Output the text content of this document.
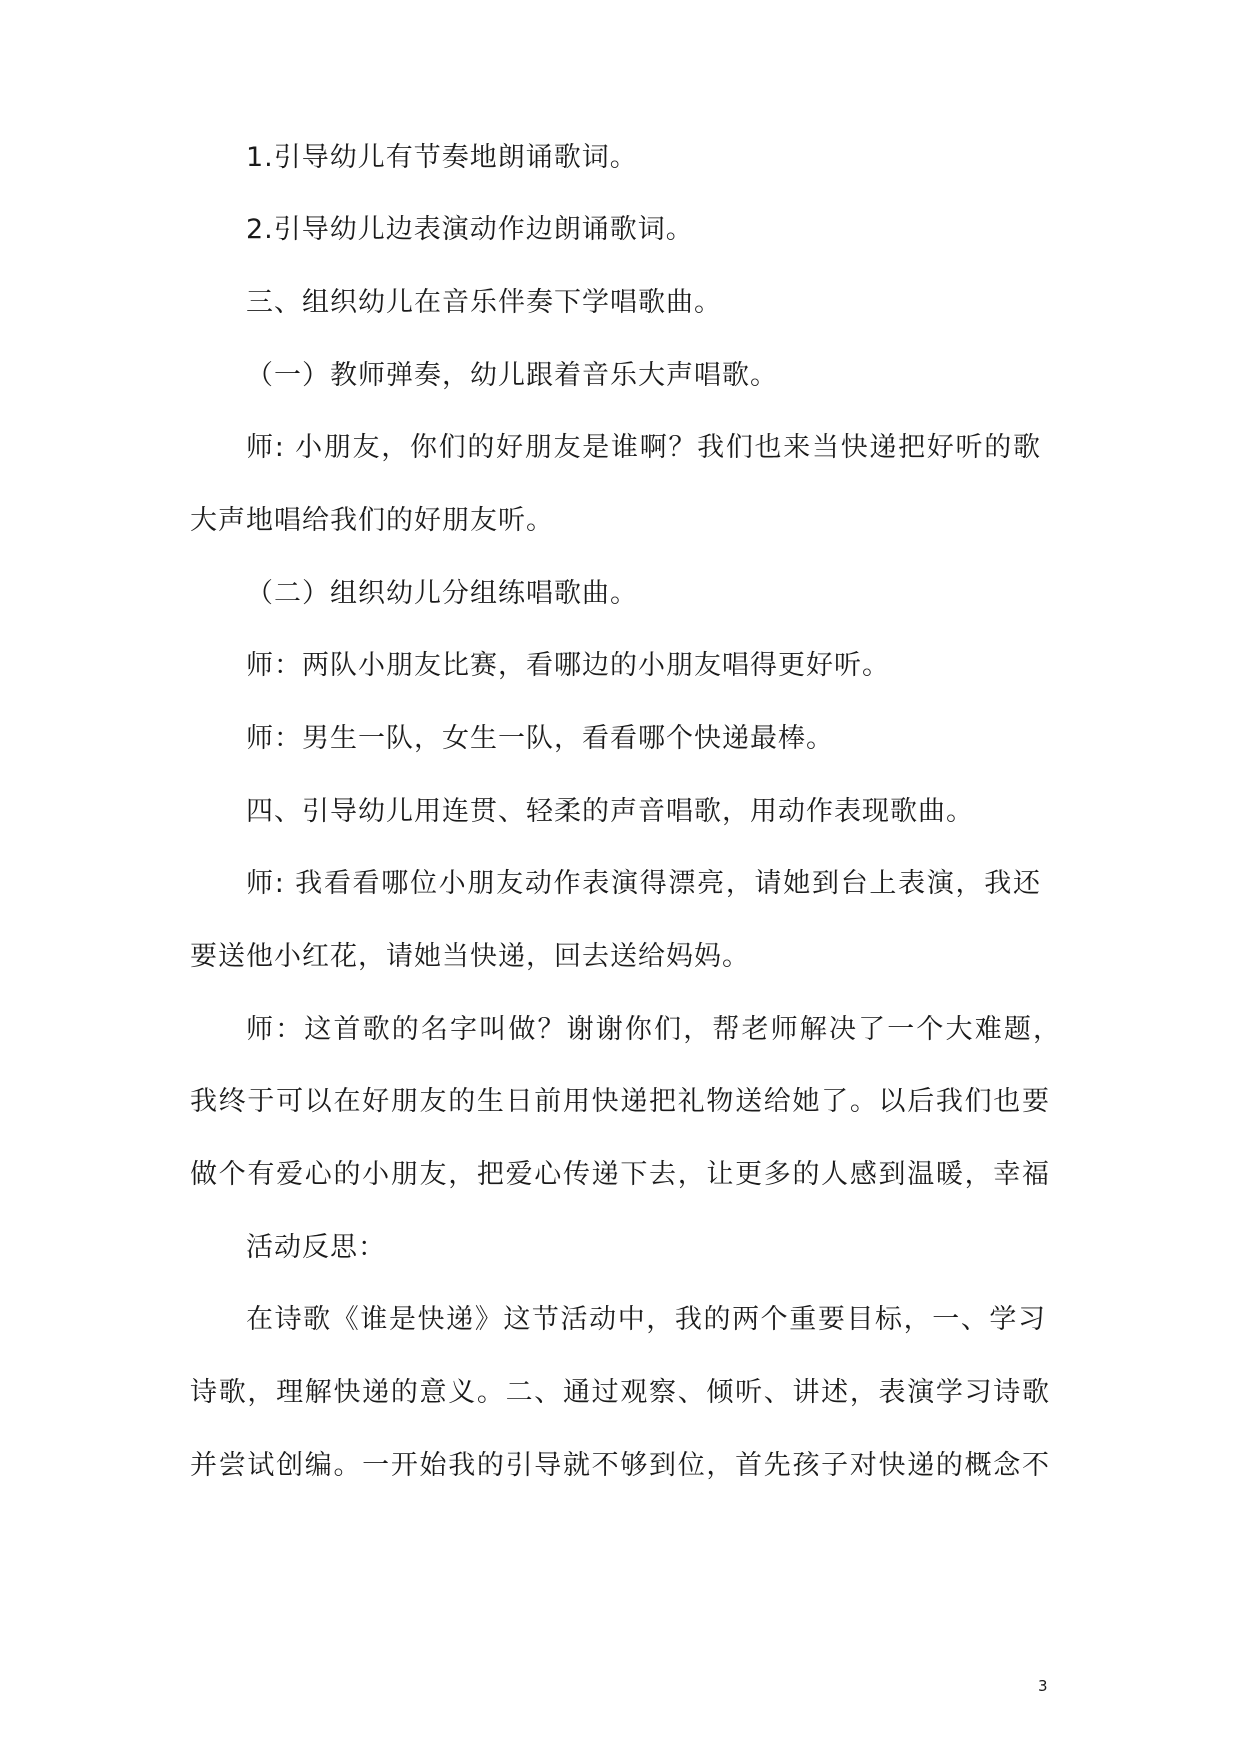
1.引导幼儿有节奏地朗诵歌词。
2.引导幼儿边表演动作边朗诵歌词。
三、组织幼儿在音乐伴奏下学唱歌曲。
（一）教师弹奏，幼儿跟着音乐大声唱歌。
师: 小朋友，你们的好朋友是谁啊？我们也来当快递把好听的歌
大声地唱给我们的好朋友听。
（二）组织幼儿分组练唱歌曲。
师：两队小朋友比赛，看哪边的小朋友唱得更好听。
师：男生一队，女生一队，看看哪个快递最棒。
四、引导幼儿用连贯、轻柔的声音唱歌，用动作表现歌曲。
师: 我看看哪位小朋友动作表演得漂亮，请她到台上表演，我还
要送他小红花，请她当快递，回去送给妈妈。
师：这首歌的名字叫做？谢谢你们，帮老师解决了一个大难题，
我终于可以在好朋友的生日前用快递把礼物送给她了。以后我们也要
做个有爱心的小朋友，把爱心传递下去，让更多的人感到温暖，幸福
活动反思：
在诗歌《谁是快递》这节活动中，我的两个重要目标，一、学习
诗歌，理解快递的意义。二、通过观察、倾听、讲述，表演学习诗歌
并尝试创编。一开始我的引导就不够到位，首先孩子对快递的概念不
3
